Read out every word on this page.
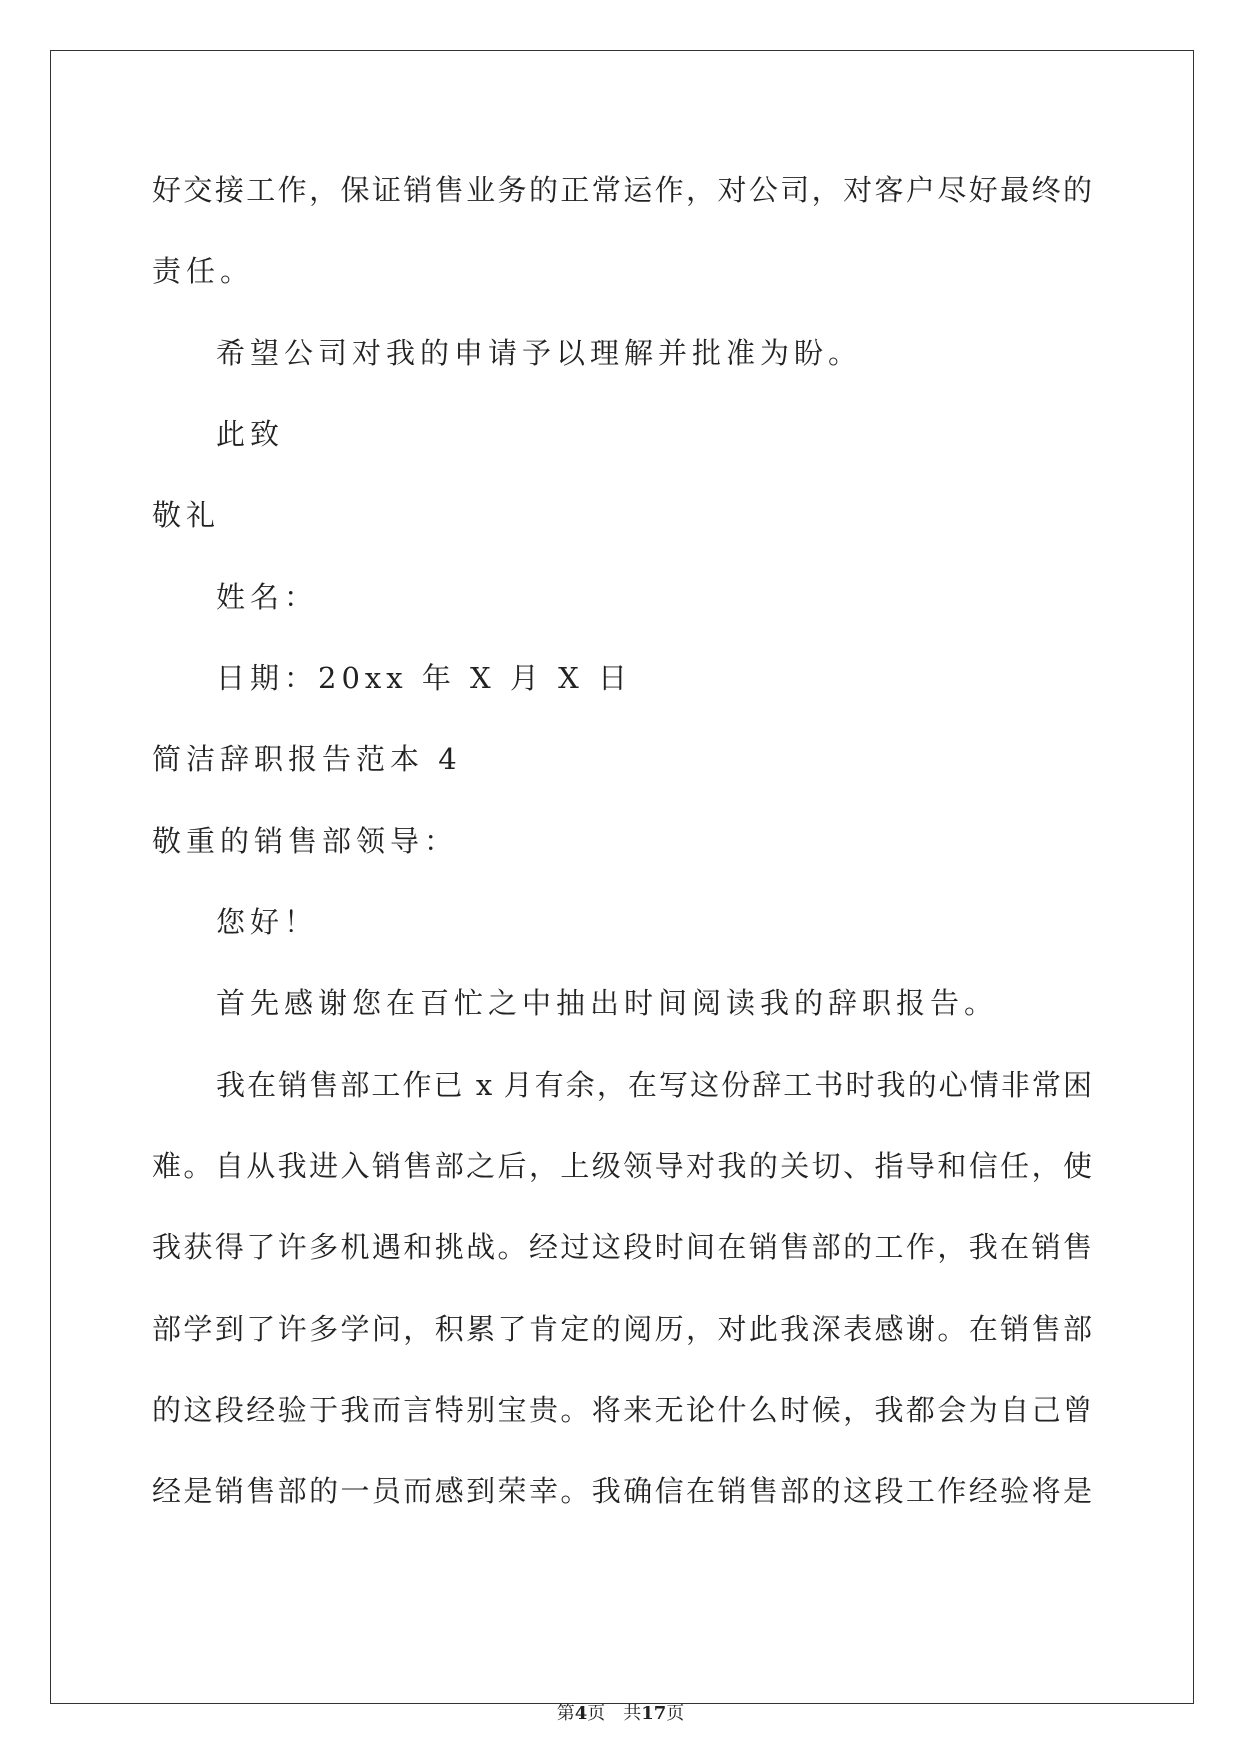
好交接工作，保证销售业务的正常运作，对公司，对客户尽好最终的
责任。
希望公司对我的申请予以理解并批准为盼。
此致
敬礼
姓名：
日期：20xx 年 X 月 X 日
简洁辞职报告范本 4
敬重的销售部领导：
您好！
首先感谢您在百忙之中抽出时间阅读我的辞职报告。
我在销售部工作已 x 月有余，在写这份辞工书时我的心情非常困
难。自从我进入销售部之后，上级领导对我的关切、指导和信任，使
我获得了许多机遇和挑战。经过这段时间在销售部的工作，我在销售
部学到了许多学问，积累了肯定的阅历，对此我深表感谢。在销售部
的这段经验于我而言特别宝贵。将来无论什么时候，我都会为自己曾
经是销售部的一员而感到荣幸。我确信在销售部的这段工作经验将是
第4页 共17页
